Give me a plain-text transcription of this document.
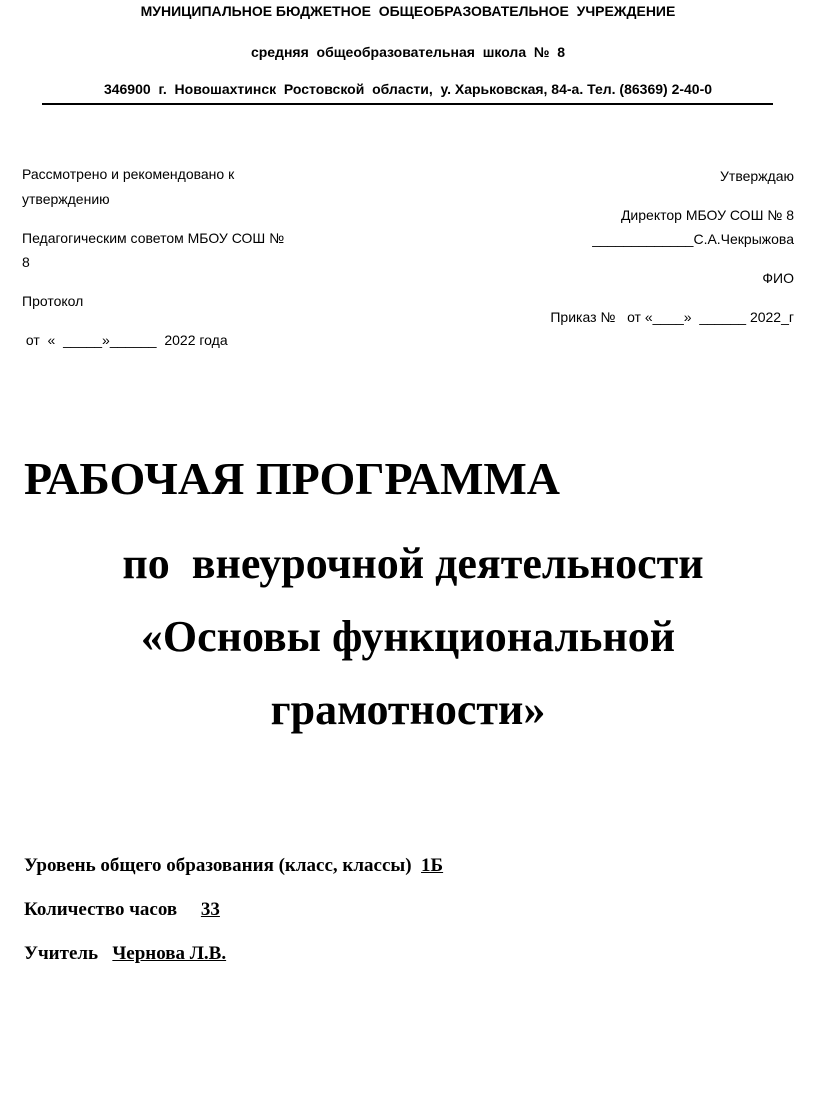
МУНИЦИПАЛЬНОЕ БЮДЖЕТНОЕ  ОБЩЕОБРАЗОВАТЕЛЬНОЕ  УЧРЕЖДЕНИЕ
средняя  общеобразовательная  школа  №  8
346900  г.  Новошахтинск  Ростовской  области,  у. Харьковская, 84-а. Тел. (86369) 2-40-0
Рассмотрено и рекомендовано к
утверждению
Педагогическим советом МБОУ СОШ №
8
Протокол
от  «  _____»______  2022 года
Утверждаю
Директор МБОУ СОШ № 8
_____________С.А.Чекрыжова
ФИО
Приказ №   от «____»  ______ 2022_г
РАБОЧАЯ ПРОГРАММА
по  внеурочной деятельности
«Основы функциональной
грамотности»
Уровень общего образования (класс, классы) 1Б
Количество часов 33
Учитель Чернова Л.В.
